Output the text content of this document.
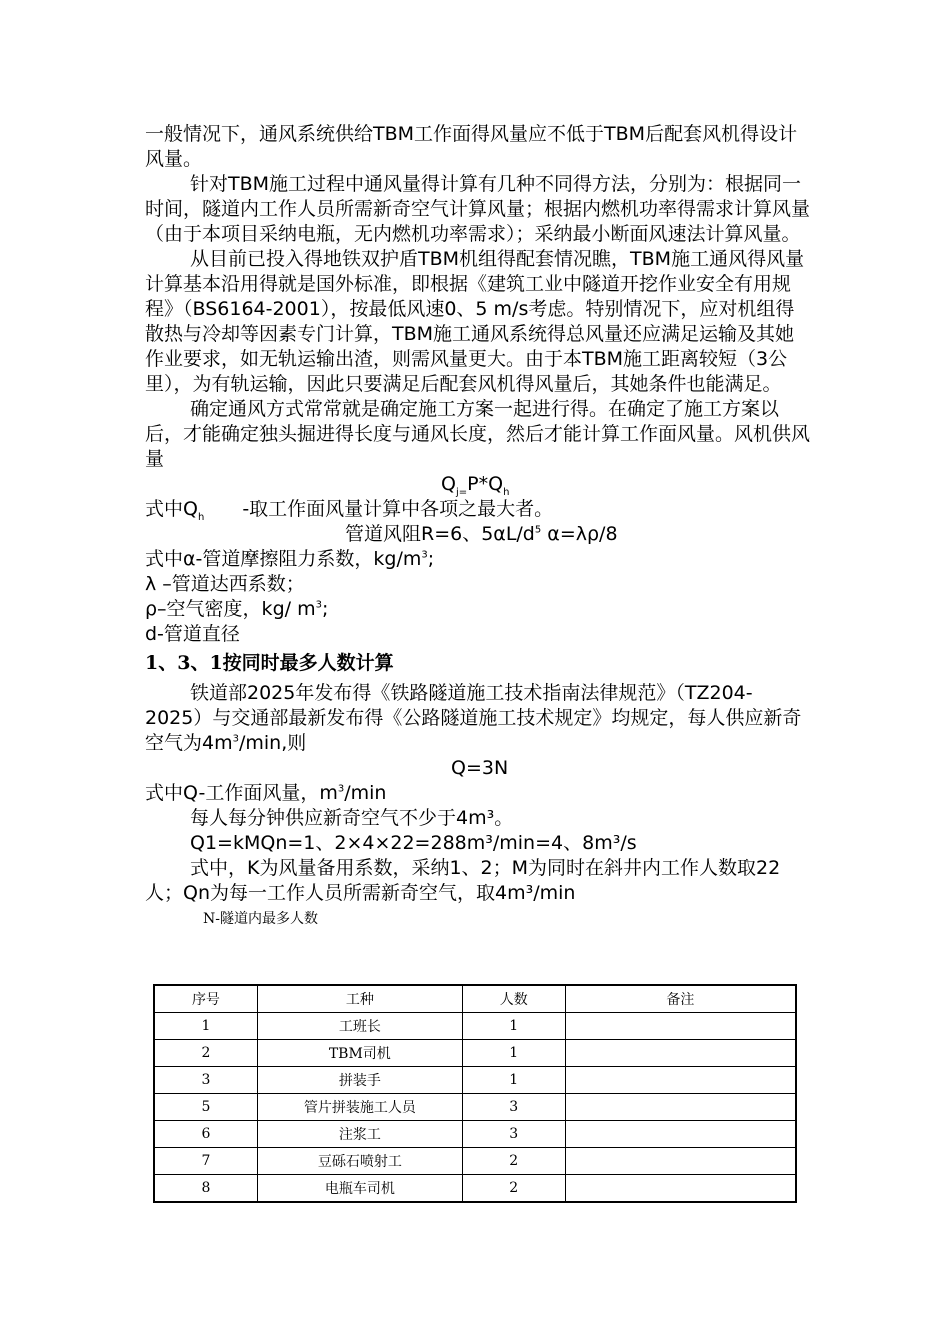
一般情况下，通风系统供给TBM工作面得风量应不低于TBM后配套风机得设计风量。

针对TBM施工过程中通风量得计算有几种不同得方法，分别为：根据同一时间，隧道内工作人员所需新奇空气计算风量；根据内燃机功率得需求计算风量（由于本项目采纳电瓶，无内燃机功率需求）；采纳最小断面风速法计算风量。

从目前已投入得地铁双护盾TBM机组得配套情况瞧，TBM施工通风得风量计算基本沿用得就是国外标准，即根据《建筑工业中隧道开挖作业安全有用规程》（BS6164-2001），按最低风速0、5 m/s考虑。特别情况下，应对机组得散热与冷却等因素专门计算，TBM施工通风系统得总风量还应满足运输及其她作业要求，如无轨运输出渣，则需风量更大。由于本TBM施工距离较短（3公里），为有轨运输，因此只要满足后配套风机得风量后，其她条件也能满足。

确定通风方式常常就是确定施工方案一起进行得。在确定了施工方案以后，才能确定独头掘进得长度与通风长度，然后才能计算工作面风量。风机供风量

$Q_{j=}P*Q_h$

式中$Q_h$　　-取工作面风量计算中各项之最大者。

管道风阻R=6、$5\alpha L/d^5$ α=λρ/8

式中α-管道摩擦阻力系数，$kg/m^3$;

λ –管道达西系数；

ρ–空气密度，kg/ $m^3$;

d-管道直径

1、3、1按同时最多人数计算

铁道部2025年发布得《铁路隧道施工技术指南法律规范》（TZ204-2025）与交通部最新发布得《公路隧道施工技术规定》均规定，每人供应新奇空气为$4m^3/\min$,则

Q=3N

式中Q-工作面风量，$m^3/\min$

每人每分钟供应新奇空气不少于4m³。

Q1=kMQn=1、2×4×22=288m³/min=4、8m³/s

式中，K为风量备用系数，采纳1、2；M为同时在斜井内工作人数取22人；Qn为每一工作人员所需新奇空气，取4m³/min

N-隧道内最多人数

序号	工种	人数	备注
1	工班长	1	
2	TBM司机	1	
3	拼装手	1	
5	管片拼装施工人员	3	
6	注浆工	3	
7	豆砾石喷射工	2	
8	电瓶车司机	2	
